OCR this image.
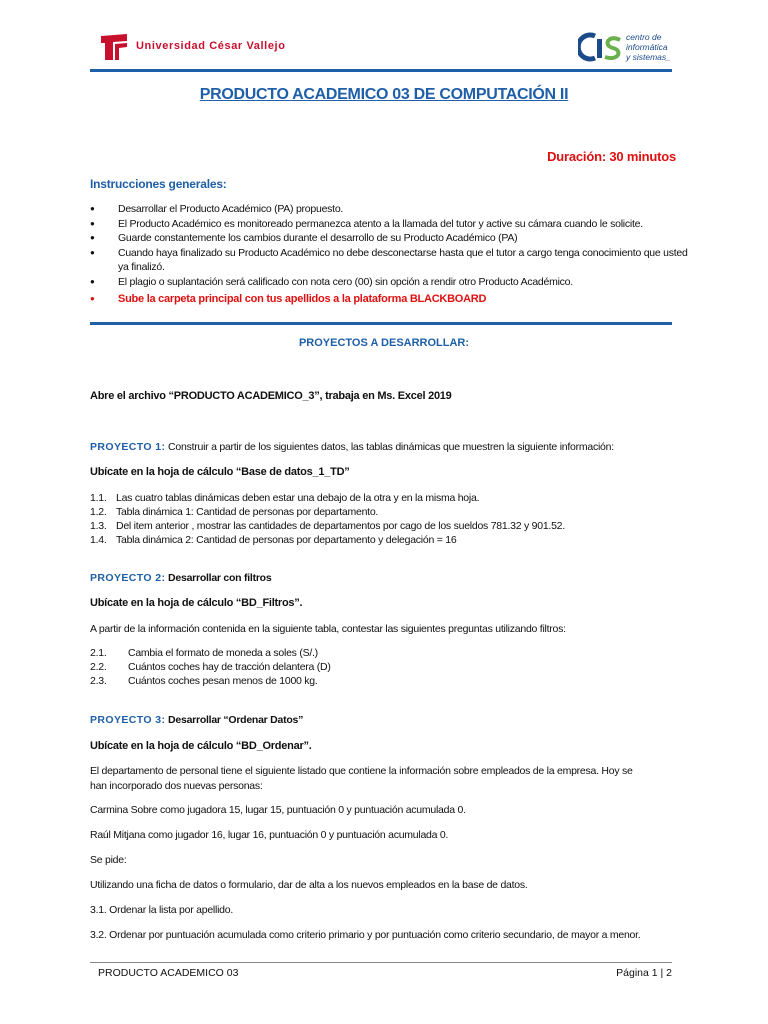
Universidad César Vallejo
centro de
informática
y sistemas_
PRODUCTO ACADEMICO 03 DE COMPUTACIÓN II
Duración: 30 minutos
Instrucciones generales:
● Desarrollar el Producto Académico (PA) propuesto.
● El Producto Académico es monitoreado permanezca atento a la llamada del tutor y active su cámara cuando le solicite.
● Guarde constantemente los cambios durante el desarrollo de su Producto Académico (PA)
● Cuando haya finalizado su Producto Académico no debe desconectarse hasta que el tutor a cargo tenga conocimiento que usted ya finalizó.
● El plagio o suplantación será calificado con nota cero (00) sin opción a rendir otro Producto Académico.
● Sube la carpeta principal con tus apellidos a la plataforma BLACKBOARD
PROYECTOS A DESARROLLAR:
Abre el archivo “PRODUCTO ACADEMICO_3”, trabaja en Ms. Excel 2019
PROYECTO 1: Construir a partir de los siguientes datos, las tablas dinámicas que muestren la siguiente información:
Ubícate en la hoja de cálculo “Base de datos_1_TD”
1.1. Las cuatro tablas dinámicas deben estar una debajo de la otra y en la misma hoja.
1.2. Tabla dinámica 1: Cantidad de personas por departamento.
1.3. Del item anterior , mostrar las cantidades de departamentos por cago de los sueldos 781.32 y 901.52.
1.4. Tabla dinámica 2: Cantidad de personas por departamento y delegación = 16
PROYECTO 2: Desarrollar con filtros
Ubícate en la hoja de cálculo “BD_Filtros”.
A partir de la información contenida en la siguiente tabla, contestar las siguientes preguntas utilizando filtros:
2.1. Cambia el formato de moneda a soles (S/.)
2.2. Cuántos coches hay de tracción delantera (D)
2.3. Cuántos coches pesan menos de 1000 kg.
PROYECTO 3: Desarrollar “Ordenar Datos”
Ubícate en la hoja de cálculo “BD_Ordenar”.
El departamento de personal tiene el siguiente listado que contiene la información sobre empleados de la empresa. Hoy se
han incorporado dos nuevas personas:
Carmina Sobre como jugadora 15, lugar 15, puntuación 0 y puntuación acumulada 0.
Raúl Mitjana como jugador 16, lugar 16, puntuación 0 y puntuación acumulada 0.
Se pide:
Utilizando una ficha de datos o formulario, dar de alta a los nuevos empleados en la base de datos.
3.1. Ordenar la lista por apellido.
3.2. Ordenar por puntuación acumulada como criterio primario y por puntuación como criterio secundario, de mayor a menor.
PRODUCTO ACADEMICO 03	Página 1 | 2
